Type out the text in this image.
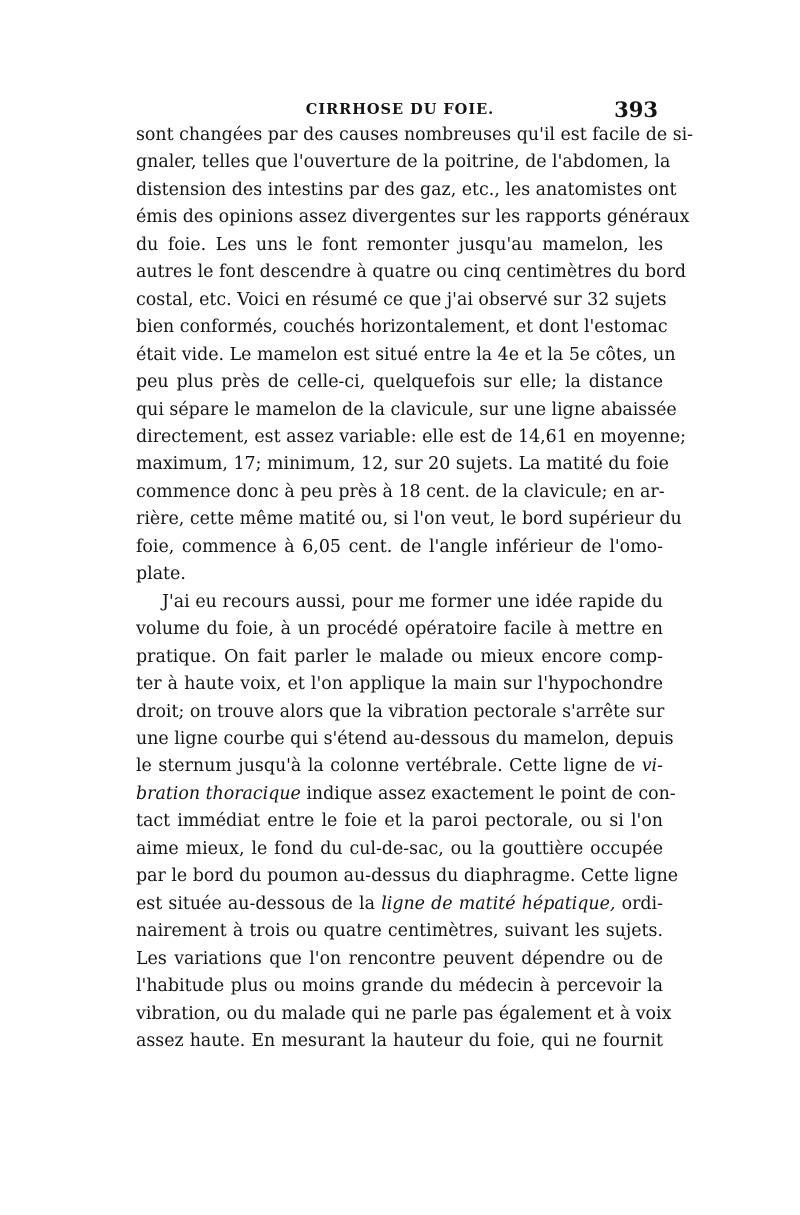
CIRRHOSE DU FOIE.	393
sont changées par des causes nombreuses qu'il est facile de si-
gnaler, telles que l'ouverture de la poitrine, de l'abdomen, la
distension des intestins par des gaz, etc., les anatomistes ont
émis des opinions assez divergentes sur les rapports généraux
du foie. Les uns le font remonter jusqu'au mamelon, les
autres le font descendre à quatre ou cinq centimètres du bord
costal, etc. Voici en résumé ce que j'ai observé sur 32 sujets
bien conformés, couchés horizontalement, et dont l'estomac
était vide. Le mamelon est situé entre la 4e et la 5e côtes, un
peu plus près de celle-ci, quelquefois sur elle; la distance
qui sépare le mamelon de la clavicule, sur une ligne abaissée
directement, est assez variable: elle est de 14,61 en moyenne;
maximum, 17; minimum, 12, sur 20 sujets. La matité du foie
commence donc à peu près à 18 cent. de la clavicule; en ar-
rière, cette même matité ou, si l'on veut, le bord supérieur du
foie, commence à 6,05 cent. de l'angle inférieur de l'omo-
plate.
J'ai eu recours aussi, pour me former une idée rapide du
volume du foie, à un procédé opératoire facile à mettre en
pratique. On fait parler le malade ou mieux encore comp-
ter à haute voix, et l'on applique la main sur l'hypochondre
droit; on trouve alors que la vibration pectorale s'arrête sur
une ligne courbe qui s'étend au-dessous du mamelon, depuis
le sternum jusqu'à la colonne vertébrale. Cette ligne de vi-
bration thoracique indique assez exactement le point de con-
tact immédiat entre le foie et la paroi pectorale, ou si l'on
aime mieux, le fond du cul-de-sac, ou la gouttière occupée
par le bord du poumon au-dessus du diaphragme. Cette ligne
est située au-dessous de la ligne de matité hépatique, ordi-
nairement à trois ou quatre centimètres, suivant les sujets.
Les variations que l'on rencontre peuvent dépendre ou de
l'habitude plus ou moins grande du médecin à percevoir la
vibration, ou du malade qui ne parle pas également et à voix
assez haute. En mesurant la hauteur du foie, qui ne fournit
